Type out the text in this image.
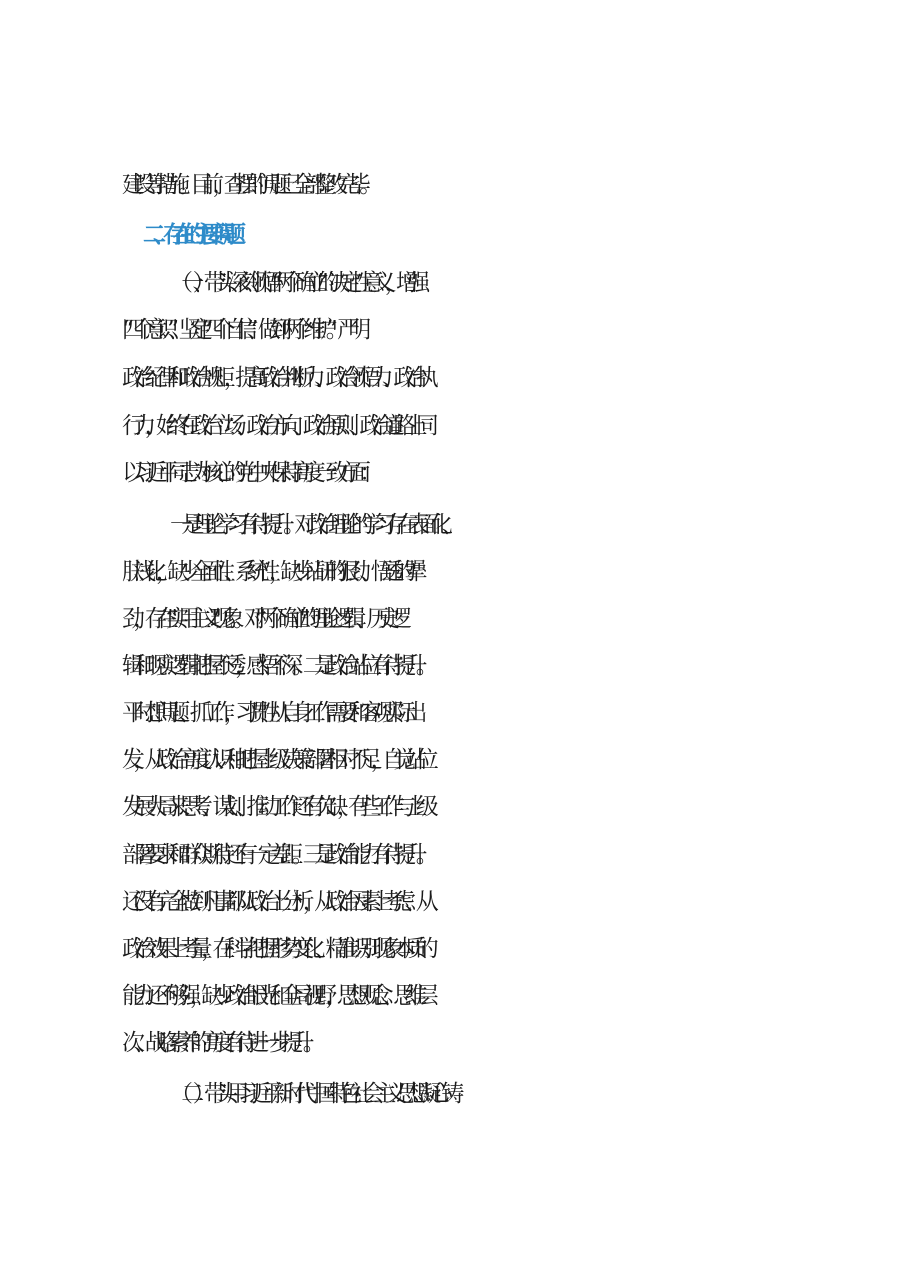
建设等措施。目前，查摆的问题已全部整改完毕。
二、存在的主要问题
（一）、带头深刻领悟“两个确立”的决定性意义，增强
“四个意识”、坚定“四个自信”、做到“两个维护”。严明
政治纪律和政治规矩，提高政治判断力、政治领悟力、政治执
行力，始终在政治立场、政治方向、政治原则、政治道路上同
以习近平同志为核心的党中央保持高度一致方面：
一是理论学习有待提升。对政治理论的学习存在表面化、
肤浅化，缺少全面性、系统性，缺少钻研的狠劲、悟透的犟
劲，存在"实用主义"现象。对"两个确立"的理论逻辑、历史逻
辑和现实逻辑把握不透，感悟不深。二是政治站位有待提升。
平时想问题、抓工作，习惯性从自身工作需要和客观实际出
发，从政治高度认识和把握上级决策部署相对不足，自觉站位
发展大局来思考、谋划、推动工作还有欠缺，有些工作与上级
部署要求和群众期待还有一定差距。三是政治能力有待提升。
还没有完全做到凡事都从政治上分析，从政治因素上考虑、从
政治效果上考量，在科学把握形势变化、精准识别现象本质的
能力还不够强，缺少政治眼光和全局视野，思想观念、思维层
次、战略素养的高度有待进一步提升。
（二）带头用习近平新时代中国特色社会主义思想凝心铸
